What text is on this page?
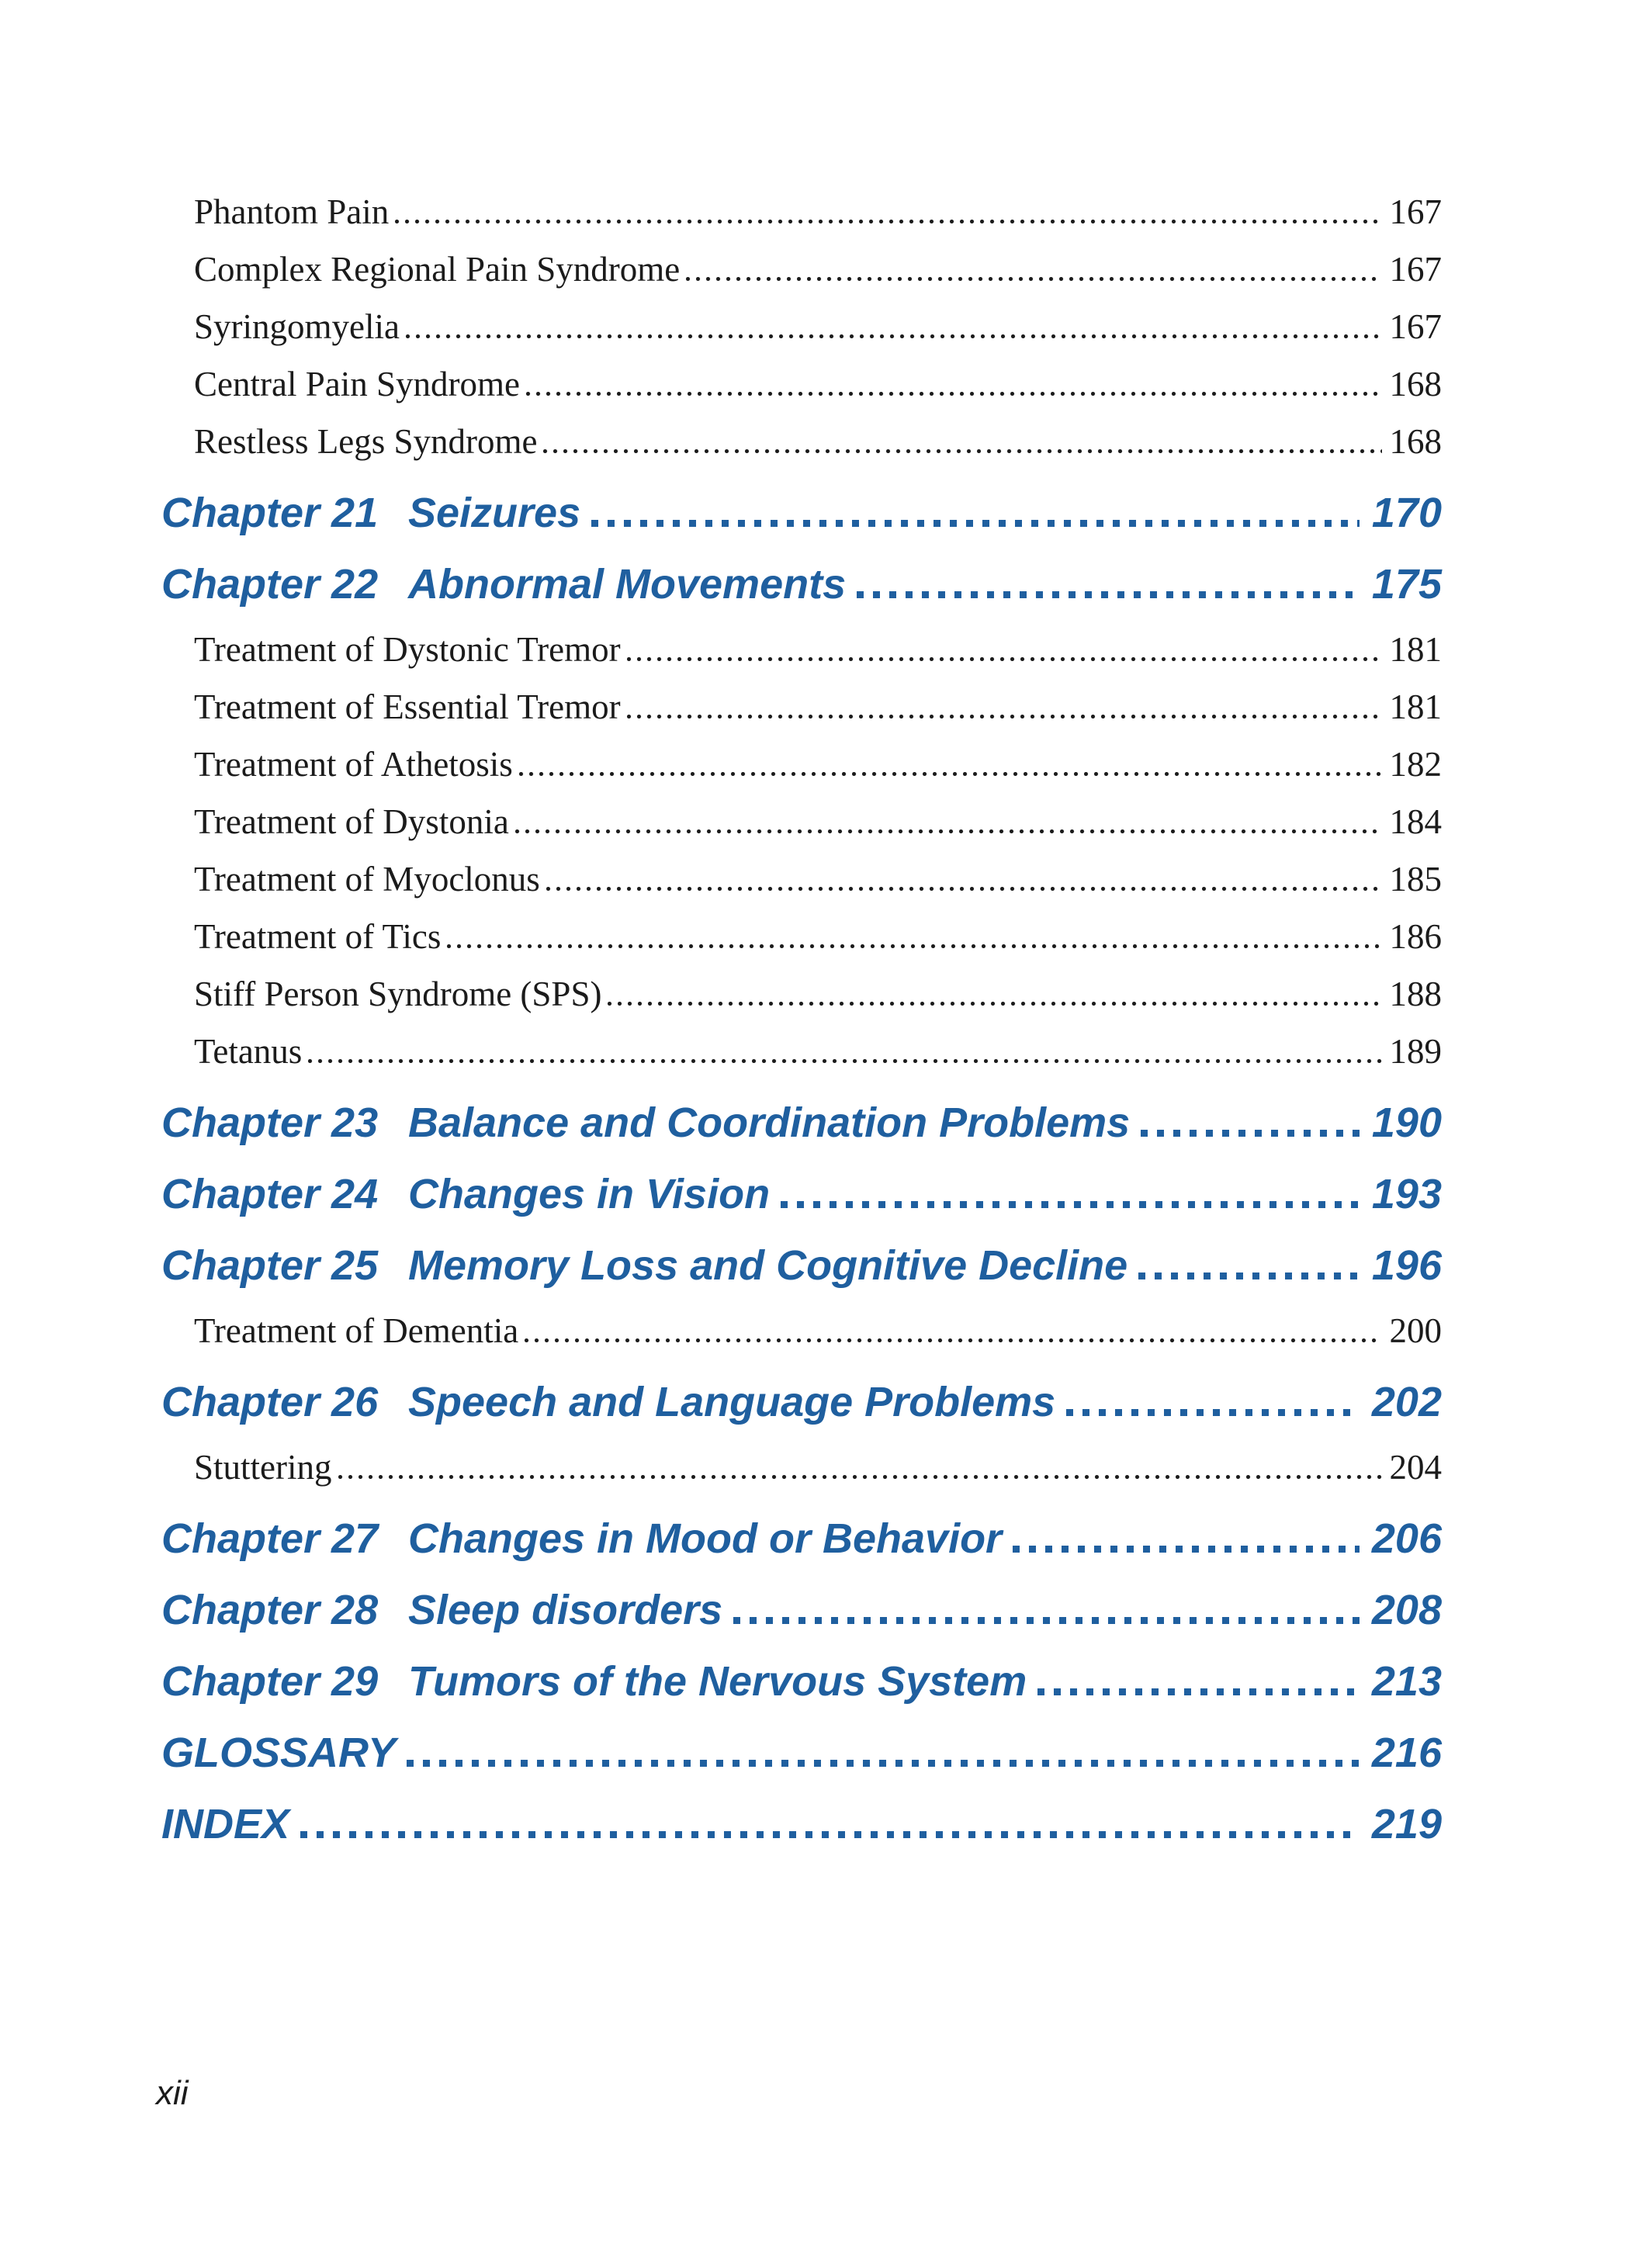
Phantom Pain	167
Complex Regional Pain Syndrome	167
Syringomyelia	167
Central Pain Syndrome	168
Restless Legs Syndrome	168
Chapter 21 Seizures	170
Chapter 22 Abnormal Movements	175
Treatment of Dystonic Tremor	181
Treatment of Essential Tremor	181
Treatment of Athetosis	182
Treatment of Dystonia	184
Treatment of Myoclonus	185
Treatment of Tics	186
Stiff Person Syndrome (SPS)	188
Tetanus	189
Chapter 23 Balance and Coordination Problems	190
Chapter 24 Changes in Vision	193
Chapter 25 Memory Loss and Cognitive Decline	196
Treatment of Dementia	200
Chapter 26 Speech and Language Problems	202
Stuttering	204
Chapter 27 Changes in Mood or Behavior	206
Chapter 28 Sleep disorders	208
Chapter 29 Tumors of the Nervous System	213
GLOSSARY	216
INDEX	219
xii
